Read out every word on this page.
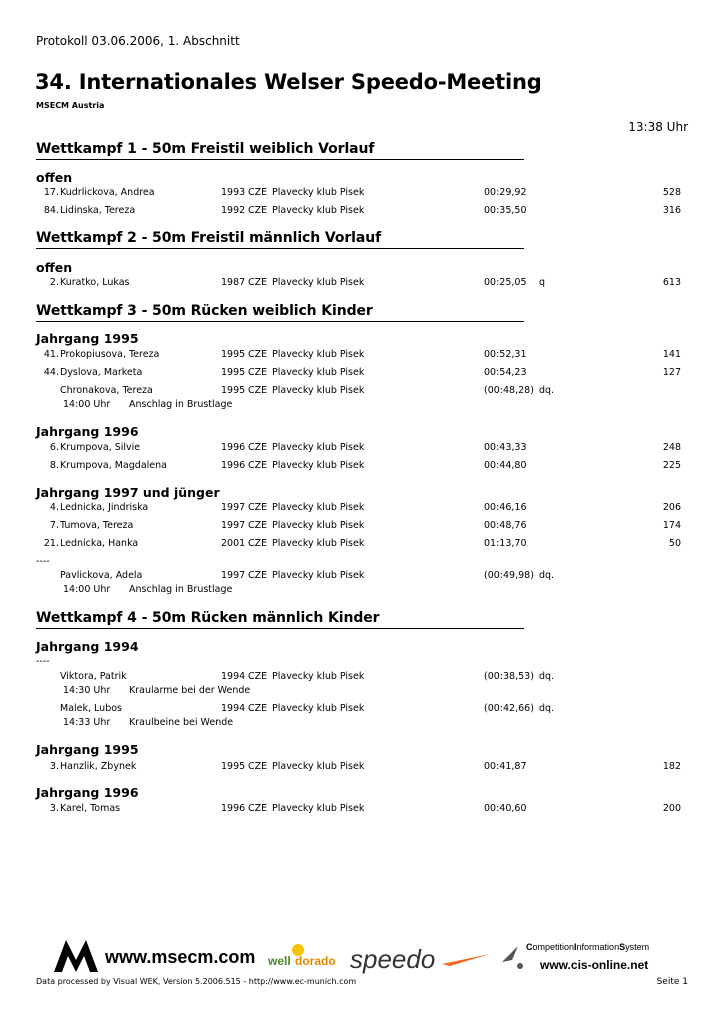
Protokoll 03.06.2006, 1. Abschnitt
34. Internationales Welser Speedo-Meeting
MSECM Austria
13:38 Uhr
Wettkampf 1 - 50m Freistil weiblich Vorlauf
offen
17. Kudrlickova, Andrea	1993 CZE Plavecky klub Pisek	00:29,92	528
84. Lidinska, Tereza	1992 CZE Plavecky klub Pisek	00:35,50	316
Wettkampf 2 - 50m Freistil männlich Vorlauf
offen
2. Kuratko, Lukas	1987 CZE Plavecky klub Pisek	00:25,05 q	613
Wettkampf 3 - 50m Rücken weiblich Kinder
Jahrgang 1995
41. Prokopiusova, Tereza	1995 CZE Plavecky klub Pisek	00:52,31	141
44. Dyslova, Marketa	1995 CZE Plavecky klub Pisek	00:54,23	127
Chronakova, Tereza	1995 CZE Plavecky klub Pisek	(00:48,28) dq.
14:00 Uhr Anschlag in Brustlage
Jahrgang 1996
6. Krumpova, Silvie	1996 CZE Plavecky klub Pisek	00:43,33	248
8. Krumpova, Magdalena	1996 CZE Plavecky klub Pisek	00:44,80	225
Jahrgang 1997 und jünger
4. Lednicka, Jindriska	1997 CZE Plavecky klub Pisek	00:46,16	206
7. Tumova, Tereza	1997 CZE Plavecky klub Pisek	00:48,76	174
21. Lednicka, Hanka	2001 CZE Plavecky klub Pisek	01:13,70	50
----
Pavlickova, Adela	1997 CZE Plavecky klub Pisek	(00:49,98) dq.
14:00 Uhr Anschlag in Brustlage
Wettkampf 4 - 50m Rücken männlich Kinder
Jahrgang 1994
----
Viktora, Patrik	1994 CZE Plavecky klub Pisek	(00:38,53) dq.
14:30 Uhr Kraularme bei der Wende
Malek, Lubos	1994 CZE Plavecky klub Pisek	(00:42,66) dq.
14:33 Uhr Kraulbeine bei Wende
Jahrgang 1995
3. Hanzlik, Zbynek	1995 CZE Plavecky klub Pisek	00:41,87	182
Jahrgang 1996
3. Karel, Tomas	1996 CZE Plavecky klub Pisek	00:40,60	200
www.msecm.com well dorado speedo	CompetitionInformationSystem
www.cis-online.net
Data processed by Visual WEK, Version 5.2006.515 - http://www.ec-munich.com	Seite 1
